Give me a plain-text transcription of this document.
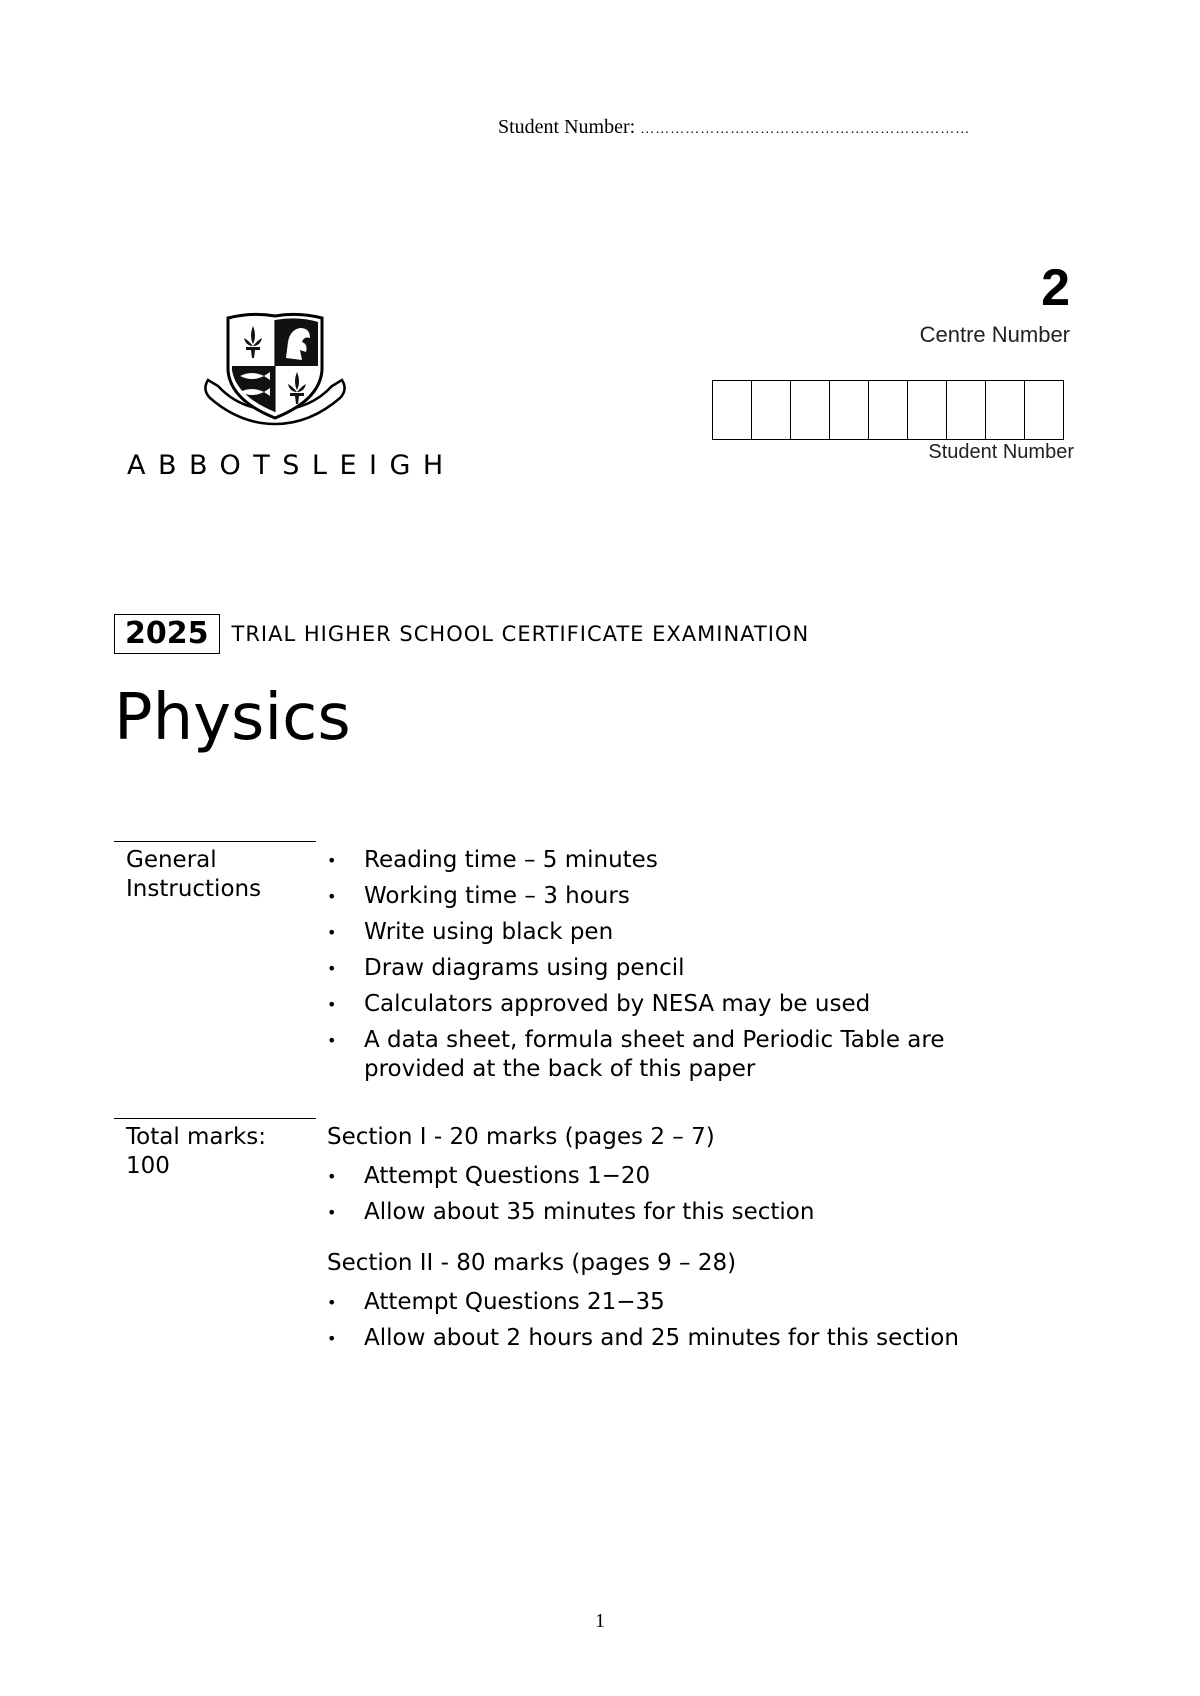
Student Number: …………………………………………………………
2
Centre Number
Student Number
ABBOTSLEIGH
2025	TRIAL HIGHER SCHOOL CERTIFICATE EXAMINATION
Physics
General
Instructions
• Reading time – 5 minutes
• Working time – 3 hours
• Write using black pen
• Draw diagrams using pencil
• Calculators approved by NESA may be used
• A data sheet, formula sheet and Periodic Table are provided at the back of this paper
Total marks:
100
Section I - 20 marks (pages 2 – 7)
• Attempt Questions 1−20
• Allow about 35 minutes for this section
Section II - 80 marks (pages 9 – 28)
• Attempt Questions 21−35
• Allow about 2 hours and 25 minutes for this section
1
